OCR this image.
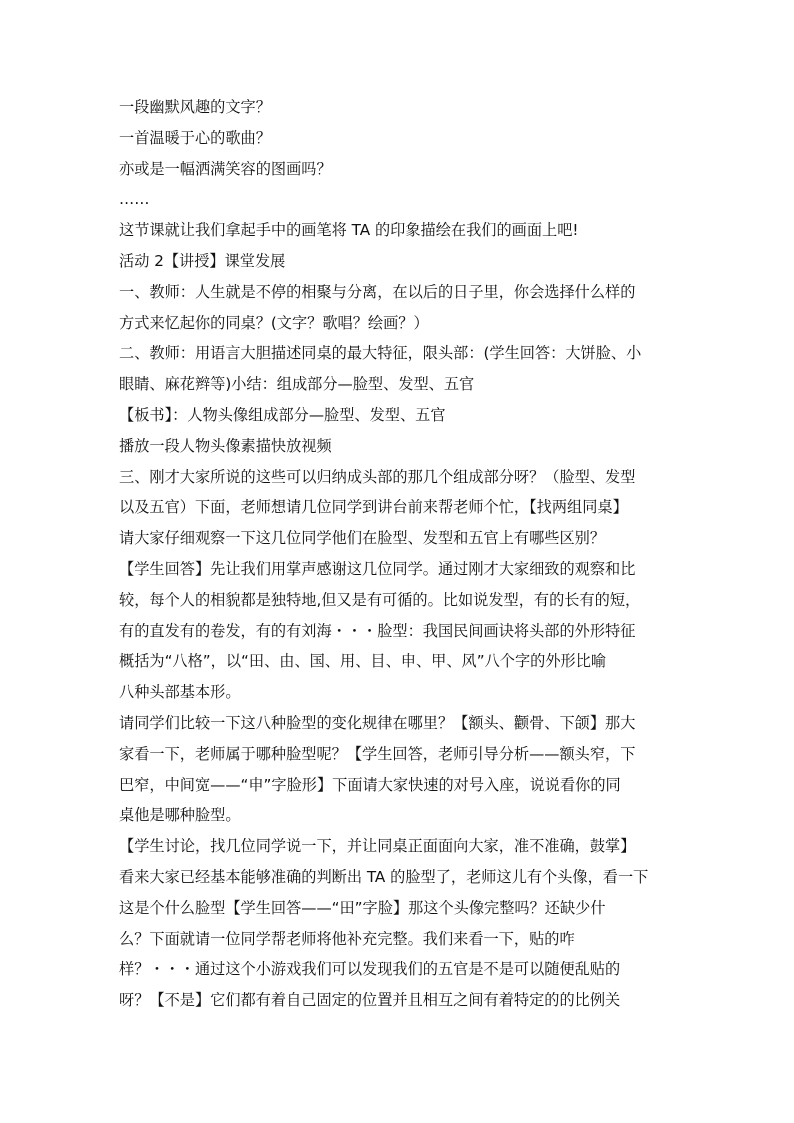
一段幽默风趣的文字？

一首温暖于心的歌曲？

亦或是一幅洒满笑容的图画吗？

……

这节课就让我们拿起手中的画笔将 TA 的印象描绘在我们的画面上吧!

活动 2【讲授】课堂发展

一、教师：人生就是不停的相聚与分离，在以后的日子里，你会选择什么样的

方式来忆起你的同桌？(文字？歌唱？绘画？）

二、教师：用语言大胆描述同桌的最大特征，限头部：(学生回答：大饼脸、小

眼睛、麻花辫等)小结：组成部分—脸型、发型、五官

【板书】：人物头像组成部分—脸型、发型、五官

播放一段人物头像素描快放视频

三、刚才大家所说的这些可以归纳成头部的那几个组成部分呀？（脸型、发型

以及五官）下面，老师想请几位同学到讲台前来帮老师个忙，【找两组同桌】

请大家仔细观察一下这几位同学他们在脸型、发型和五官上有哪些区别？

【学生回答】先让我们用掌声感谢这几位同学。通过刚才大家细致的观察和比

较，每个人的相貌都是独特地,但又是有可循的。比如说发型，有的长有的短，

有的直发有的卷发，有的有刘海・・・脸型：我国民间画诀将头部的外形特征

概括为“八格”，以“田、由、国、用、目、申、甲、风”八个字的外形比喻

八种头部基本形。

请同学们比较一下这八种脸型的变化规律在哪里？【额头、颧骨、下颌】那大

家看一下，老师属于哪种脸型呢？【学生回答，老师引导分析——额头窄，下

巴窄，中间宽——“申”字脸形】下面请大家快速的对号入座，说说看你的同

桌他是哪种脸型。

【学生讨论，找几位同学说一下，并让同桌正面面向大家，准不准确，鼓掌】

看来大家已经基本能够准确的判断出 TA 的脸型了，老师这儿有个头像，看一下

这是个什么脸型【学生回答——“田”字脸】那这个头像完整吗？还缺少什

么？下面就请一位同学帮老师将他补充完整。我们来看一下，贴的咋

样？・・・通过这个小游戏我们可以发现我们的五官是不是可以随便乱贴的

呀？【不是】它们都有着自己固定的位置并且相互之间有着特定的的比例关
